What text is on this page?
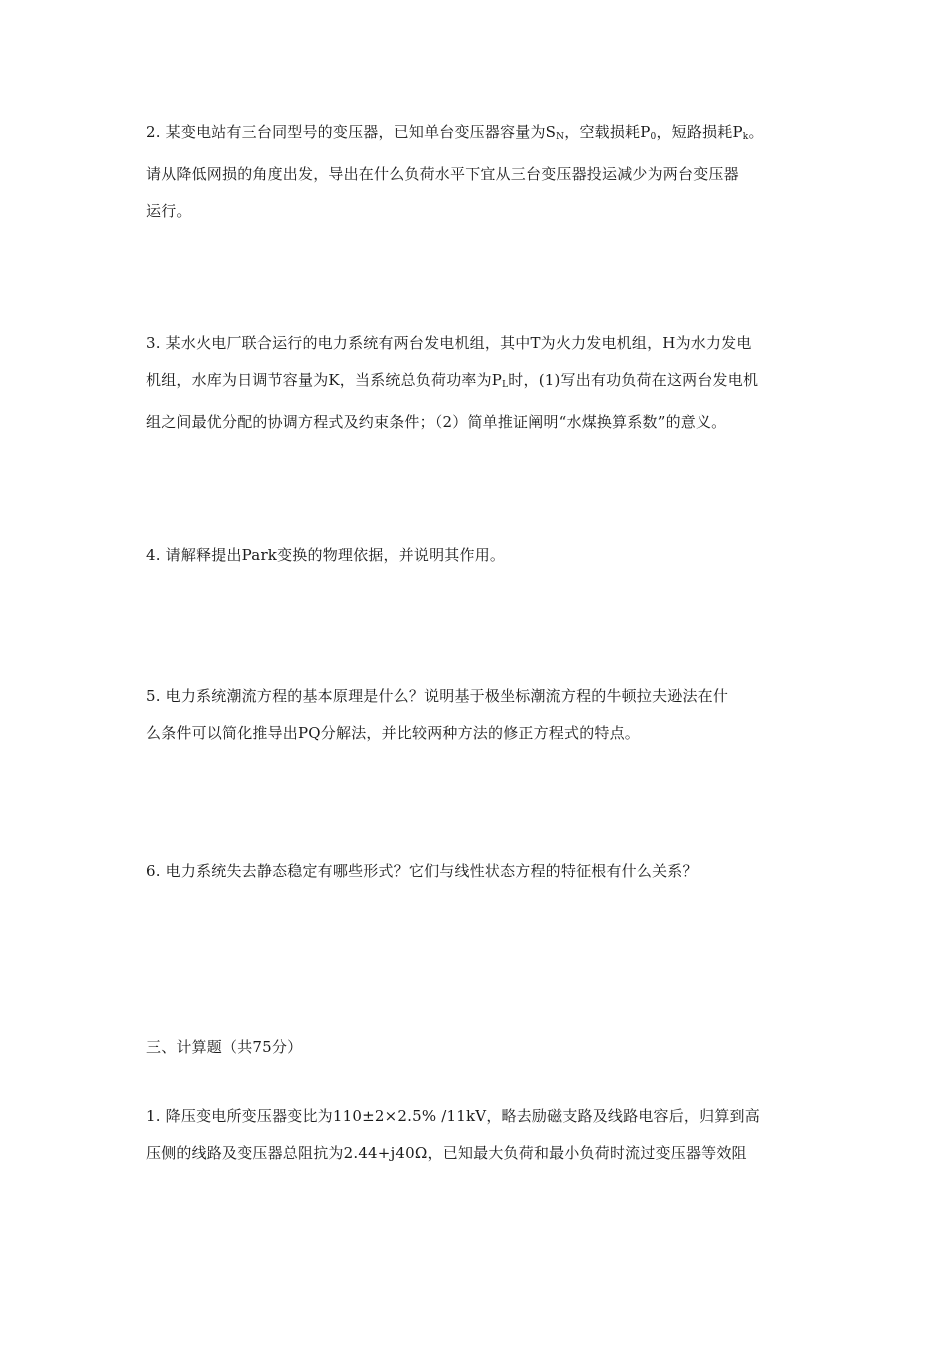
2. 某变电站有三台同型号的变压器，已知单台变压器容量为$S_N$，空载损耗$P_0$，短路损耗$P_k$。
请从降低网损的角度出发，导出在什么负荷水平下宜从三台变压器投运减少为两台变压器
运行。
3. 某水火电厂联合运行的电力系统有两台发电机组，其中T为火力发电机组，H为水力发电
机组，水库为日调节容量为K，当系统总负荷功率为$P_L$时，(1)写出有功负荷在这两台发电机
组之间最优分配的协调方程式及约束条件；（2）简单推证阐明“水煤换算系数”的意义。
4. 请解释提出Park变换的物理依据，并说明其作用。
5. 电力系统潮流方程的基本原理是什么？说明基于极坐标潮流方程的牛顿拉夫逊法在什
么条件可以简化推导出PQ分解法，并比较两种方法的修正方程式的特点。
6. 电力系统失去静态稳定有哪些形式？它们与线性状态方程的特征根有什么关系？
三、计算题（共75分）
1. 降压变电所变压器变比为110±2×2.5% /11kV，略去励磁支路及线路电容后，归算到高
压侧的线路及变压器总阻抗为2.44+j40Ω，已知最大负荷和最小负荷时流过变压器等效阻
